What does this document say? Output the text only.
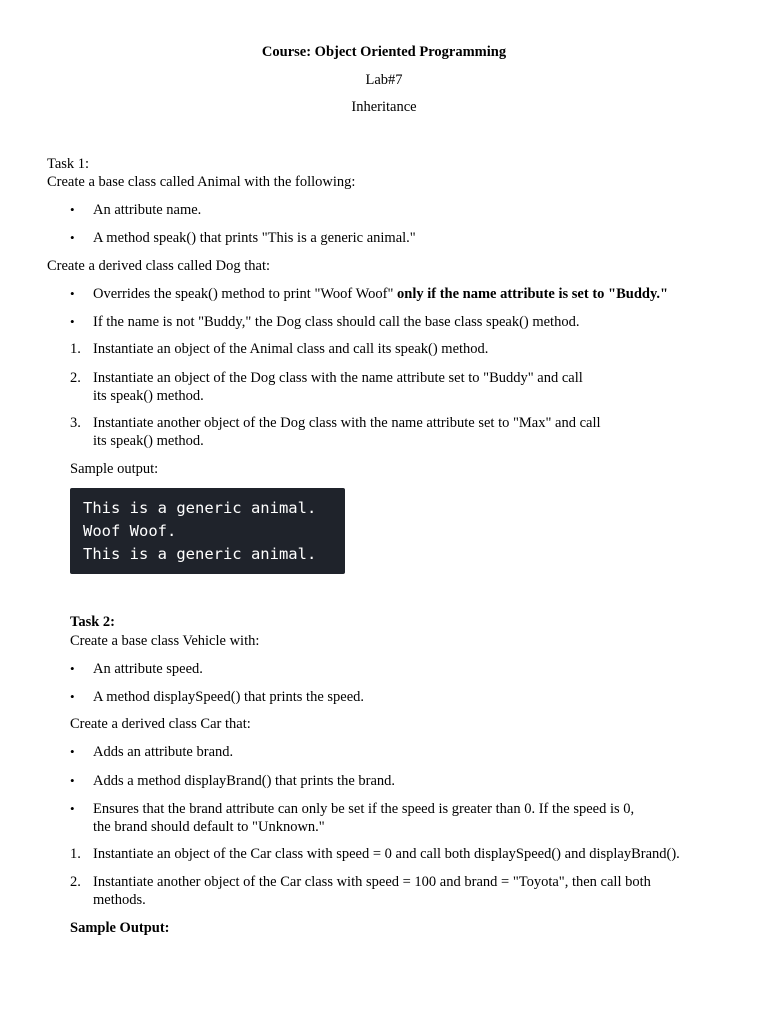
Course: Object Oriented Programming
Lab#7
Inheritance
Task 1:
Create a base class called Animal with the following:
• An attribute name.
• A method speak() that prints "This is a generic animal."
Create a derived class called Dog that:
• Overrides the speak() method to print "Woof Woof" only if the name attribute is set to "Buddy."
• If the name is not "Buddy," the Dog class should call the base class speak() method.
1. Instantiate an object of the Animal class and call its speak() method.
2. Instantiate an object of the Dog class with the name attribute set to "Buddy" and call
its speak() method.
3. Instantiate another object of the Dog class with the name attribute set to "Max" and call
its speak() method.
Sample output:
This is a generic animal.
Woof Woof.
This is a generic animal.
Task 2:
Create a base class Vehicle with:
• An attribute speed.
• A method displaySpeed() that prints the speed.
Create a derived class Car that:
• Adds an attribute brand.
• Adds a method displayBrand() that prints the brand.
• Ensures that the brand attribute can only be set if the speed is greater than 0. If the speed is 0,
the brand should default to "Unknown."
1. Instantiate an object of the Car class with speed = 0 and call both displaySpeed() and displayBrand().
2. Instantiate another object of the Car class with speed = 100 and brand = "Toyota", then call both
methods.
Sample Output:
